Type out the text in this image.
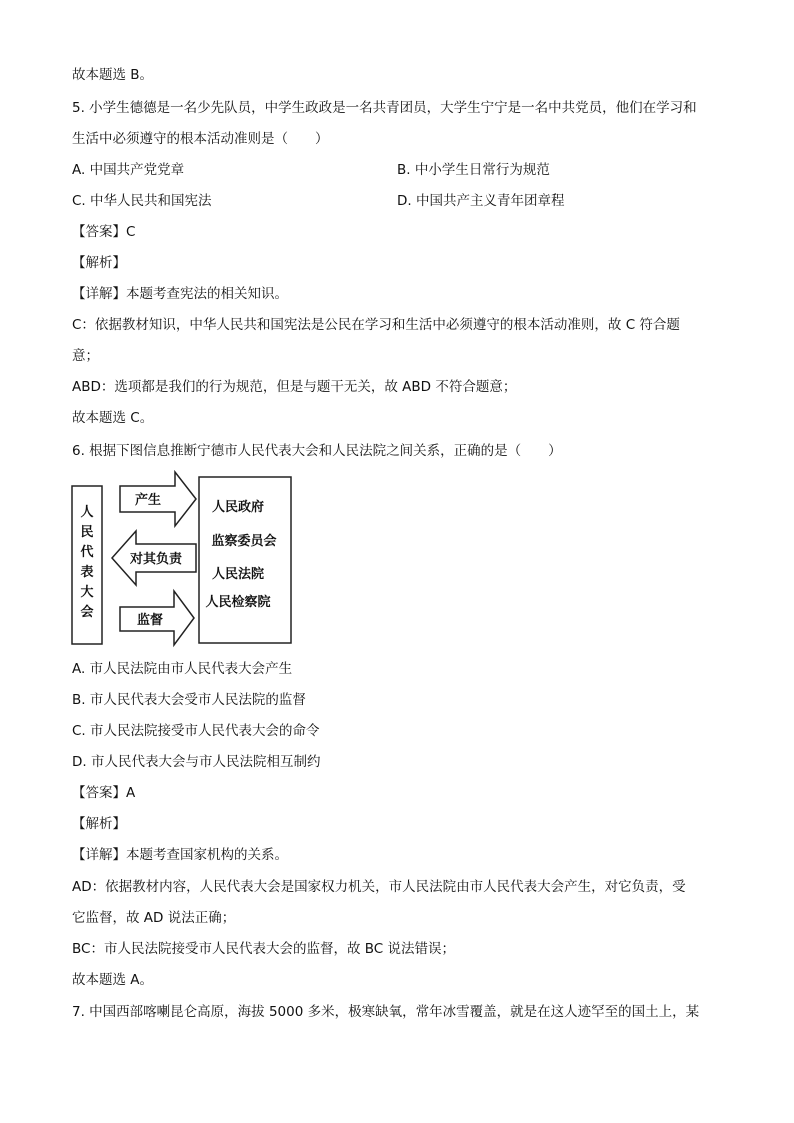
故本题选 B。
5. 小学生德德是一名少先队员，中学生政政是一名共青团员，大学生宁宁是一名中共党员，他们在学习和
生活中必须遵守的根本活动准则是（　　）
A. 中国共产党党章	B. 中小学生日常行为规范
C. 中华人民共和国宪法	D. 中国共产主义青年团章程
【答案】C
【解析】
【详解】本题考查宪法的相关知识。
C：依据教材知识，中华人民共和国宪法是公民在学习和生活中必须遵守的根本活动准则，故 C 符合题
意；
ABD：选项都是我们的行为规范，但是与题干无关，故 ABD 不符合题意；
故本题选 C。
6. 根据下图信息推断宁德市人民代表大会和人民法院之间关系，正确的是（　　）
人
民
代
表
大
会
产生
对其负责
监督
人民政府
监察委员会
人民法院
人民检察院
A. 市人民法院由市人民代表大会产生
B. 市人民代表大会受市人民法院的监督
C. 市人民法院接受市人民代表大会的命令
D. 市人民代表大会与市人民法院相互制约
【答案】A
【解析】
【详解】本题考查国家机构的关系。
AD：依据教材内容，人民代表大会是国家权力机关，市人民法院由市人民代表大会产生，对它负责，受
它监督，故 AD 说法正确；
BC：市人民法院接受市人民代表大会的监督，故 BC 说法错误；
故本题选 A。
7. 中国西部喀喇昆仑高原，海拔 5000 多米，极寒缺氧，常年冰雪覆盖，就是在这人迹罕至的国土上，某
